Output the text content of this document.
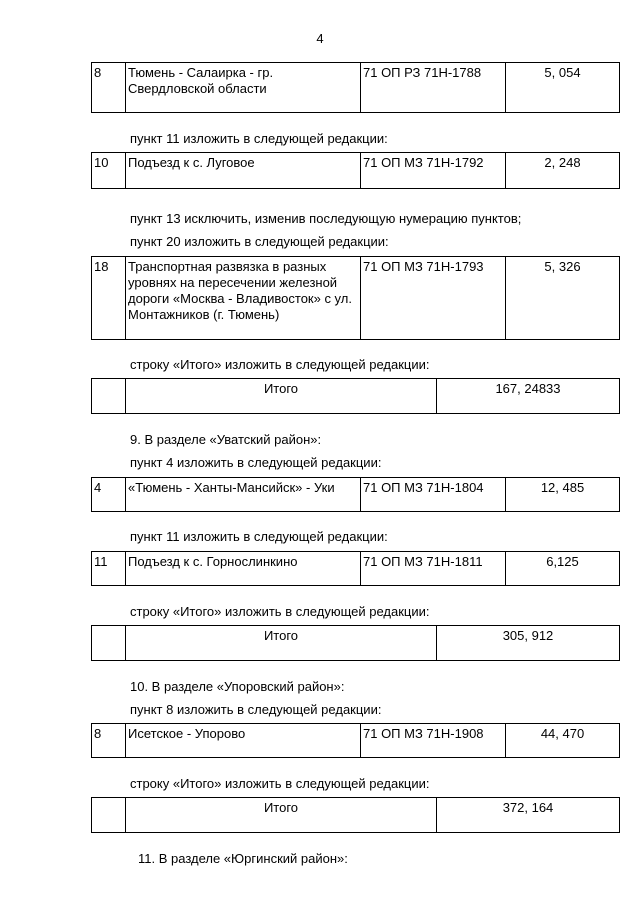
4
8	Тюмень - Салаирка - гр. Свердловской области	71 ОП РЗ 71Н-1788	5, 054
пункт 11 изложить в следующей редакции:
10	Подъезд к с. Луговое	71 ОП МЗ 71Н-1792	2, 248
пункт 13 исключить, изменив последующую нумерацию пунктов;
пункт 20 изложить в следующей редакции:
18	Транспортная развязка в разных уровнях на пересечении железной дороги «Москва - Владивосток» с ул. Монтажников (г. Тюмень)	71 ОП МЗ 71Н-1793	5, 326
строку «Итого» изложить в следующей редакции:
	Итого	167, 24833
9. В разделе «Уватский район»:
пункт 4 изложить в следующей редакции:
4	«Тюмень - Ханты-Мансийск» - Уки	71 ОП МЗ 71Н-1804	12, 485
пункт 11 изложить в следующей редакции:
11	Подъезд к с. Горнослинкино	71 ОП МЗ 71Н-1811	6,125
строку «Итого» изложить в следующей редакции:
	Итого	305, 912
10. В разделе «Упоровский район»:
пункт 8 изложить в следующей редакции:
8	Исетское - Упорово	71 ОП МЗ 71Н-1908	44, 470
строку «Итого» изложить в следующей редакции:
	Итого	372, 164
11. В разделе «Юргинский район»:
